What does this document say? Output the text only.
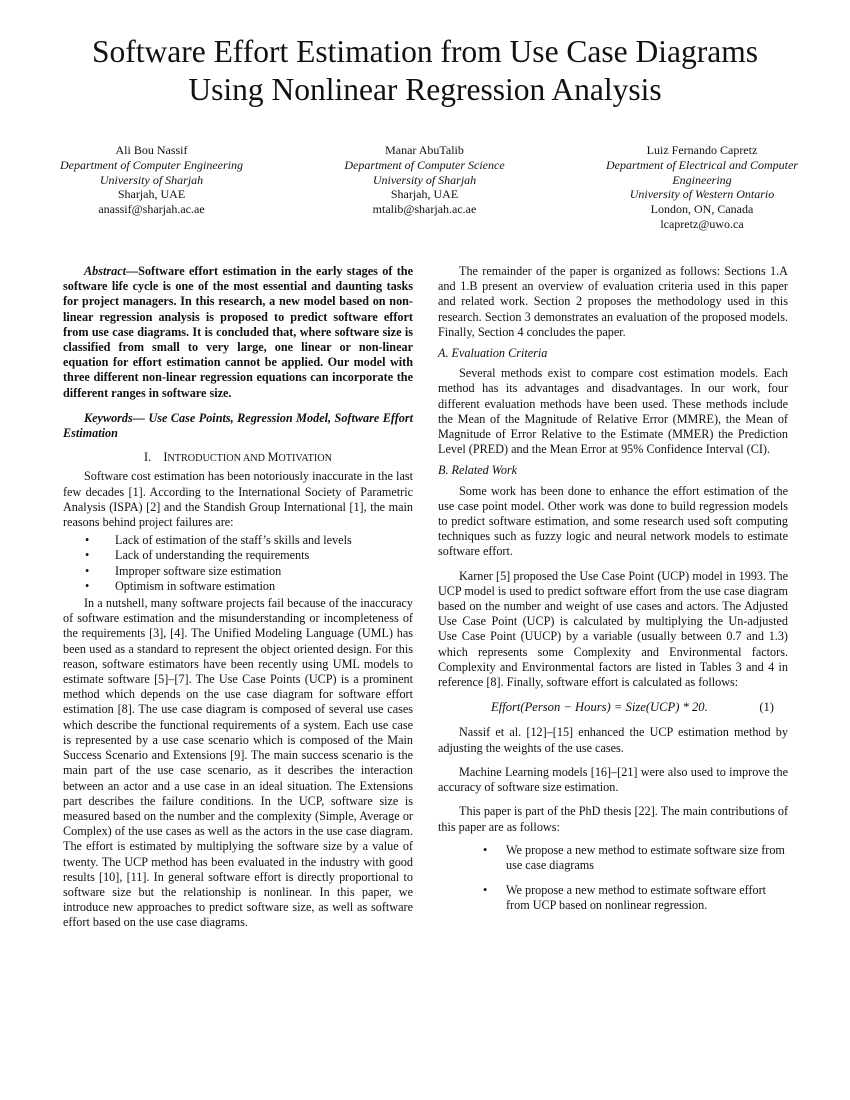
Software Effort Estimation from Use Case Diagrams
Using Nonlinear Regression Analysis
Ali Bou Nassif
Department of Computer Engineering
University of Sharjah
Sharjah, UAE
anassif@sharjah.ac.ae
Manar AbuTalib
Department of Computer Science
University of Sharjah
Sharjah, UAE
mtalib@sharjah.ac.ae
Luiz Fernando Capretz
Department of Electrical and Computer
Engineering
University of Western Ontario
London, ON, Canada
lcapretz@uwo.ca

Abstract—Software effort estimation in the early stages of the software life cycle is one of the most essential and daunting tasks for project managers. In this research, a new model based on non-linear regression analysis is proposed to predict software effort from use case diagrams. It is concluded that, where software size is classified from small to very large, one linear or non-linear equation for effort estimation cannot be applied. Our model with three different non-linear regression equations can incorporate the different ranges in software size.

Keywords— Use Case Points, Regression Model, Software Effort Estimation

I. INTRODUCTION AND MOTIVATION

Software cost estimation has been notoriously inaccurate in the last few decades [1]. According to the International Society of Parametric Analysis (ISPA) [2] and the Standish Group International [1], the main reasons behind project failures are:

• Lack of estimation of the staff’s skills and levels
• Lack of understanding the requirements
• Improper software size estimation
• Optimism in software estimation

In a nutshell, many software projects fail because of the inaccuracy of software estimation and the misunderstanding or incompleteness of the requirements [3], [4]. The Unified Modeling Language (UML) has been used as a standard to represent the object oriented design. For this reason, software estimators have been recently using UML models to estimate software [5]–[7]. The Use Case Points (UCP) is a prominent method which depends on the use case diagram for software effort estimation [8]. The use case diagram is composed of several use cases which describe the functional requirements of a system. Each use case is represented by a use case scenario which is composed of the Main Success Scenario and Extensions [9]. The main success scenario is the main part of the use case scenario, as it describes the interaction between an actor and a use case in an ideal situation. The Extensions part describes the failure conditions. In the UCP, software size is measured based on the number and the complexity (Simple, Average or Complex) of the use cases as well as the actors in the use case diagram. The effort is estimated by multiplying the software size by a value of twenty. The UCP method has been evaluated in the industry with good results [10], [11]. In general software effort is directly proportional to software size but the relationship is nonlinear. In this paper, we introduce new approaches to predict software size, as well as software effort based on the use case diagrams.

The remainder of the paper is organized as follows: Sections 1.A and 1.B present an overview of evaluation criteria used in this paper and related work. Section 2 proposes the methodology used in this research. Section 3 demonstrates an evaluation of the proposed models. Finally, Section 4 concludes the paper.

A. Evaluation Criteria

Several methods exist to compare cost estimation models. Each method has its advantages and disadvantages. In our work, four different evaluation methods have been used. These methods include the Mean of the Magnitude of Relative Error (MMRE), the Mean of Magnitude of Error Relative to the Estimate (MMER) the Prediction Level (PRED) and the Mean Error at 95% Confidence Interval (CI).

B. Related Work

Some work has been done to enhance the effort estimation of the use case point model. Other work was done to build regression models to predict software estimation, and some research used soft computing techniques such as fuzzy logic and neural network models to estimate software effort.

Karner [5] proposed the Use Case Point (UCP) model in 1993. The UCP model is used to predict software effort from the use case diagram based on the number and weight of use cases and actors. The Adjusted Use Case Point (UCP) is calculated by multiplying the Un-adjusted Use Case Point (UUCP) by a variable (usually between 0.7 and 1.3) which represents some Complexity and Environmental factors. Complexity and Environmental factors are listed in Tables 3 and 4 in reference [8]. Finally, software effort is calculated as follows:

Effort(Person − Hours) = Size(UCP) * 20.	(1)

Nassif et al. [12]–[15] enhanced the UCP estimation method by adjusting the weights of the use cases.

Machine Learning models [16]–[21] were also used to improve the accuracy of software size estimation.

This paper is part of the PhD thesis [22]. The main contributions of this paper are as follows:

• We propose a new method to estimate software size from use case diagrams
• We propose a new method to estimate software effort from UCP based on nonlinear regression.
